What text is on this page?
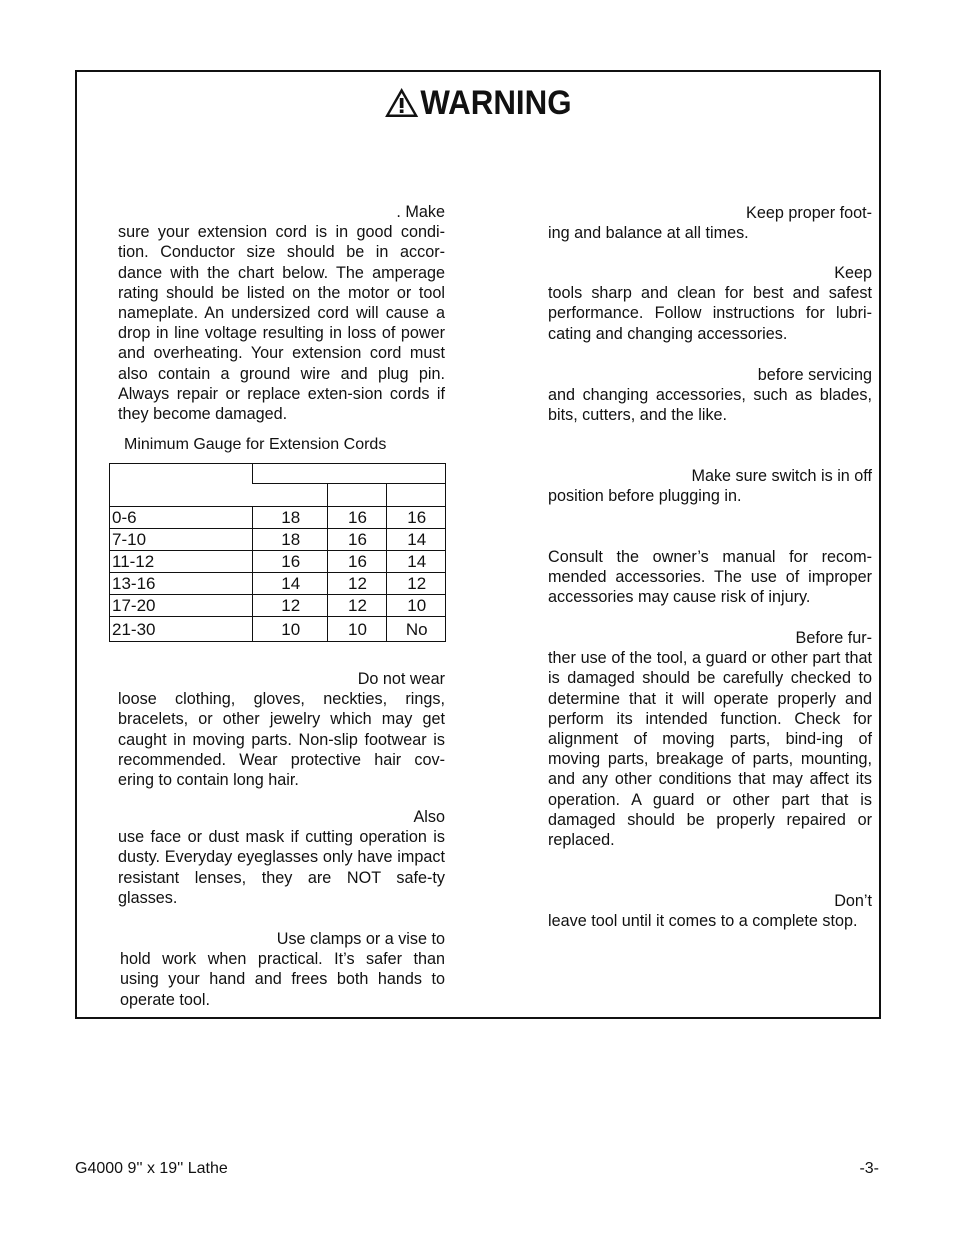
WARNING

. Make

sure your extension cord is in good condi-tion. Conductor size should be in accor-dance with the chart below. The amperage rating should be listed on the motor or tool nameplate. An undersized cord will cause a drop in line voltage resulting in loss of power and overheating. Your extension cord must also contain a ground wire and plug pin. Always repair or replace exten-sion cords if they become damaged.

Minimum Gauge for Extension Cords

0-6	18	16	16
7-10	18	16	14
11-12	16	16	14
13-16	14	12	12
17-20	12	12	10
21-30	10	10	No

Do not wear

loose clothing, gloves, neckties, rings, bracelets, or other jewelry which may get caught in moving parts. Non-slip footwear is recommended. Wear protective hair cov-ering to contain long hair.

Also

use face or dust mask if cutting operation is dusty. Everyday eyeglasses only have impact resistant lenses, they are NOT safe-ty glasses.

Use clamps or a vise to

hold work when practical. It’s safer than using your hand and frees both hands to operate tool.

Keep proper foot-

ing and balance at all times.

Keep

tools sharp and clean for best and safest performance. Follow instructions for lubri-cating and changing accessories.

before servicing

and changing accessories, such as blades, bits, cutters, and the like.

Make sure switch is in off

position before plugging in.

Consult the owner’s manual for recom-mended accessories. The use of improper accessories may cause risk of injury.

Before fur-

ther use of the tool, a guard or other part that is damaged should be carefully checked to determine that it will operate properly and perform its intended function. Check for alignment of moving parts, bind-ing of moving parts, breakage of parts, mounting, and any other conditions that may affect its operation. A guard or other part that is damaged should be properly repaired or replaced.

Don’t

leave tool until it comes to a complete stop.

G4000 9'' x 19'' Lathe	-3-
